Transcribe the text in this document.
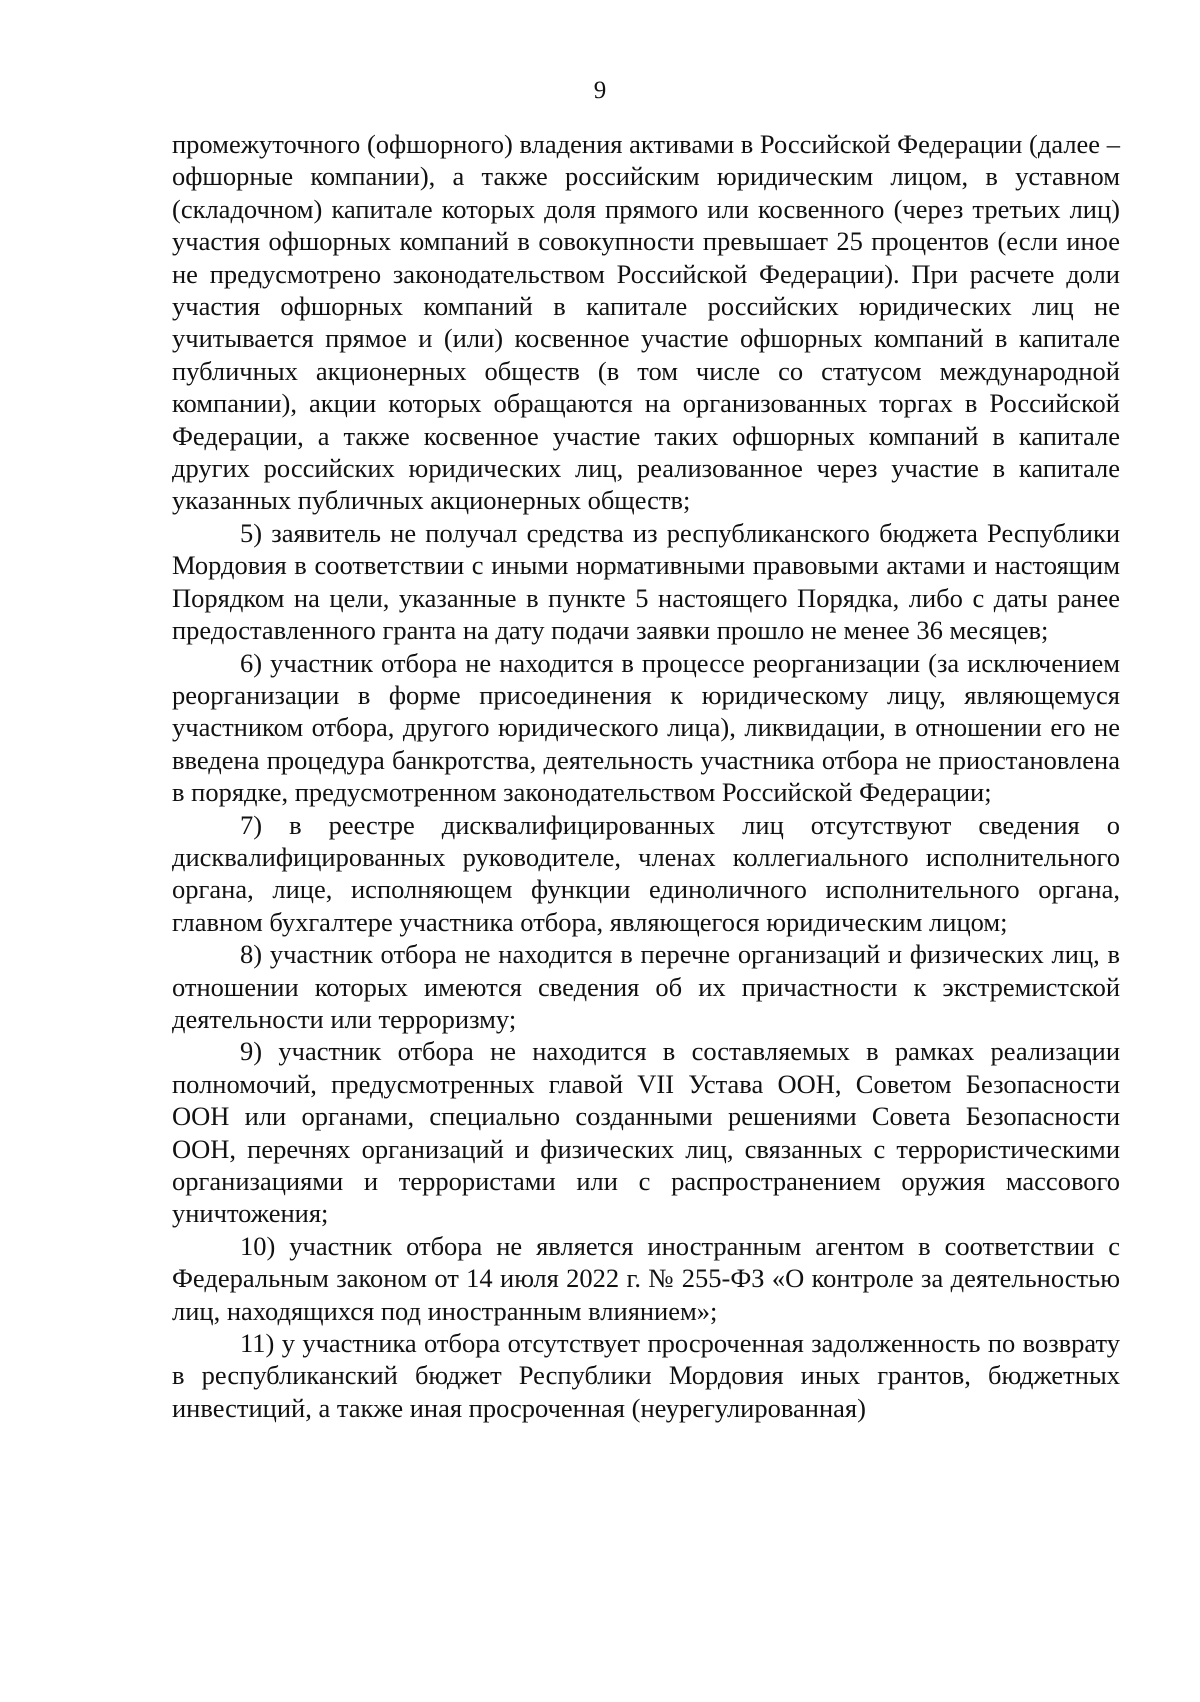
9

промежуточного (офшорного) владения активами в Российской Федерации (далее – офшорные компании), а также российским юридическим лицом, в уставном (складочном) капитале которых доля прямого или косвенного (через третьих лиц) участия офшорных компаний в совокупности превышает 25 процентов (если иное не предусмотрено законодательством Российской Федерации). При расчете доли участия офшорных компаний в капитале российских юридических лиц не учитывается прямое и (или) косвенное участие офшорных компаний в капитале публичных акционерных обществ (в том числе со статусом международной компании), акции которых обращаются на организованных торгах в Российской Федерации, а также косвенное участие таких офшорных компаний в капитале других российских юридических лиц, реализованное через участие в капитале указанных публичных акционерных обществ;

5) заявитель не получал средства из республиканского бюджета Республики Мордовия в соответствии с иными нормативными правовыми актами и настоящим Порядком на цели, указанные в пункте 5 настоящего Порядка, либо с даты ранее предоставленного гранта на дату подачи заявки прошло не менее 36 месяцев;

6) участник отбора не находится в процессе реорганизации (за исключением реорганизации в форме присоединения к юридическому лицу, являющемуся участником отбора, другого юридического лица), ликвидации, в отношении его не введена процедура банкротства, деятельность участника отбора не приостановлена в порядке, предусмотренном законодательством Российской Федерации;

7) в реестре дисквалифицированных лиц отсутствуют сведения о дисквалифицированных руководителе, членах коллегиального исполнительного органа, лице, исполняющем функции единоличного исполнительного органа, главном бухгалтере участника отбора, являющегося юридическим лицом;

8) участник отбора не находится в перечне организаций и физических лиц, в отношении которых имеются сведения об их причастности к экстремистской деятельности или терроризму;

9) участник отбора не находится в составляемых в рамках реализации полномочий, предусмотренных главой VII Устава ООН, Советом Безопасности ООН или органами, специально созданными решениями Совета Безопасности ООН, перечнях организаций и физических лиц, связанных с террористическими организациями и террористами или с распространением оружия массового уничтожения;

10) участник отбора не является иностранным агентом в соответствии с Федеральным законом от 14 июля 2022 г. № 255-ФЗ «О контроле за деятельностью лиц, находящихся под иностранным влиянием»;

11) у участника отбора отсутствует просроченная задолженность по возврату в республиканский бюджет Республики Мордовия иных грантов, бюджетных инвестиций, а также иная просроченная (неурегулированная)
